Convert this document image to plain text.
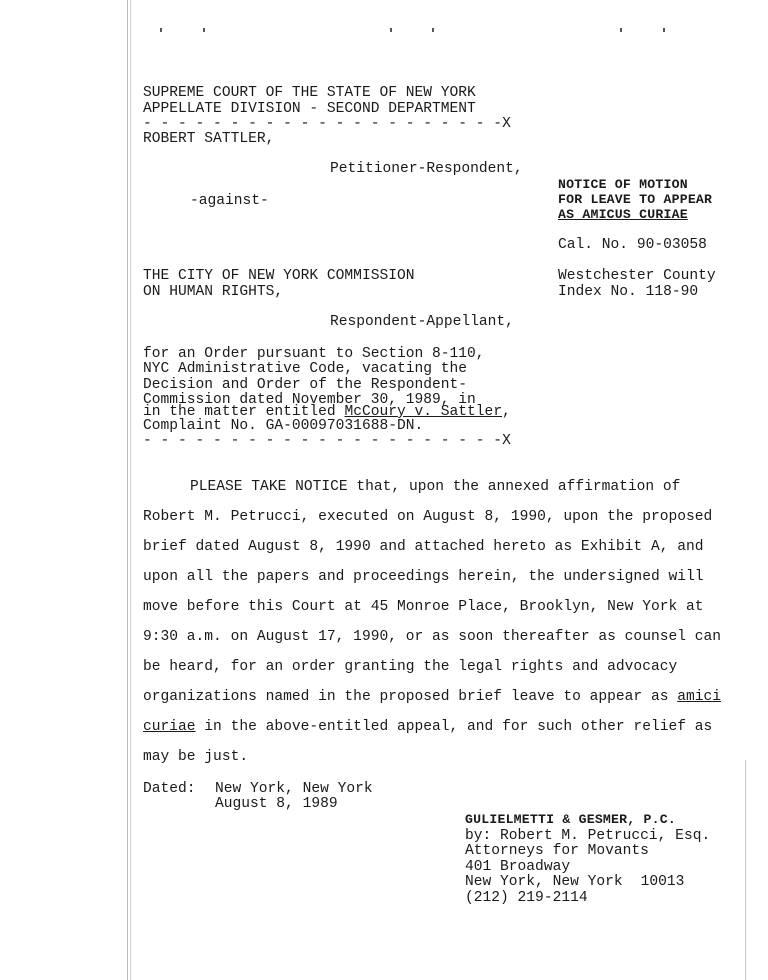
SUPREME COURT OF THE STATE OF NEW YORK
APPELLATE DIVISION - SECOND DEPARTMENT
- - - - - - - - - - - - - - - - - - - - -X
ROBERT SATTLER,
Petitioner-Respondent,
-against-
THE CITY OF NEW YORK COMMISSION
ON HUMAN RIGHTS,
Respondent-Appellant,
for an Order pursuant to Section 8-110,
NYC Administrative Code, vacating the
Decision and Order of the Respondent-
Commission dated November 30, 1989, in
in the matter entitled McCoury v. Sattler,
Complaint No. GA-00097031688-DN.
- - - - - - - - - - - - - - - - - - - - -X
NOTICE OF MOTION
FOR LEAVE TO APPEAR
AS AMICUS CURIAE
Cal. No. 90-03058
Westchester County
Index No. 118-90
PLEASE TAKE NOTICE that, upon the annexed affirmation of
Robert M. Petrucci, executed on August 8, 1990, upon the proposed
brief dated August 8, 1990 and attached hereto as Exhibit A, and
upon all the papers and proceedings herein, the undersigned will
move before this Court at 45 Monroe Place, Brooklyn, New York at
9:30 a.m. on August 17, 1990, or as soon thereafter as counsel can
be heard, for an order granting the legal rights and advocacy
organizations named in the proposed brief leave to appear as amici
curiae in the above-entitled appeal, and for such other relief as
may be just.
Dated: New York, New York
August 8, 1989
GULIELMETTI & GESMER, P.C.
by: Robert M. Petrucci, Esq.
Attorneys for Movants
401 Broadway
New York, New York 10013
(212) 219-2114
